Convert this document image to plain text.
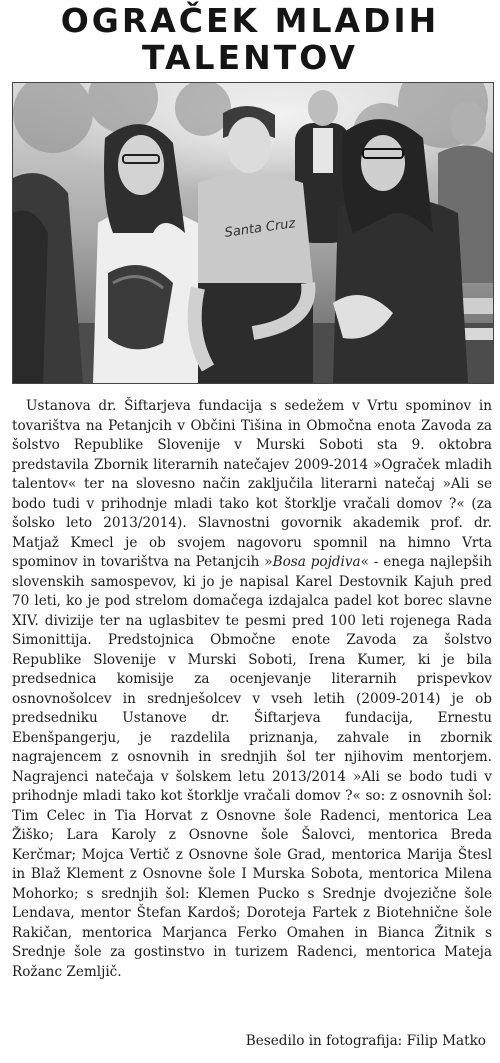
OGRAČEK MLADIH
TALENTOV
Santa Cruz

Ustanova dr. Šiftarjeva fundacija s sedežem v Vrtu spominov in tovarištva na Petanjcih v Občini Tišina in Območna enota Zavoda za šolstvo Republike Slovenije v Murski Soboti sta 9. oktobra predstavila Zbornik literarnih natečajev 2009-2014 »Ograček mladih talentov« ter na slovesno način zaključila literarni natečaj »Ali se bodo tudi v prihodnje mladi tako kot štorklje vračali domov ?« (za šolsko leto 2013/2014). Slavnostni govornik akademik prof. dr. Matjaž Kmecl je ob svojem nagovoru spomnil na himno Vrta spominov in tovarištva na Petanjcih »Bosa pojdiva« - enega najlepših slovenskih samospevov, ki jo je napisal Karel Destovnik Kajuh pred 70 leti, ko je pod strelom domačega izdajalca padel kot borec slavne XIV. divizije ter na uglasbitev te pesmi pred 100 leti rojenega Rada Simonittija. Predstojnica Območne enote Zavoda za šolstvo Republike Slovenije v Murski Soboti, Irena Kumer, ki je bila predsednica komisije za ocenjevanje literarnih prispevkov osnovnošolcev in srednješolcev v vseh letih (2009-2014) je ob predsedniku Ustanove dr. Šiftarjeva fundacija, Ernestu Ebenšpangerju, je razdelila priznanja, zahvale in zbornik nagrajencem z osnovnih in srednjih šol ter njihovim mentorjem. Nagrajenci natečaja v šolskem letu 2013/2014 »Ali se bodo tudi v prihodnje mladi tako kot štorklje vračali domov ?« so: z osnovnih šol: Tim Celec in Tia Horvat z Osnovne šole Radenci, mentorica Lea Žiško; Lara Karoly z Osnovne šole Šalovci, mentorica Breda Kerčmar; Mojca Vertič z Osnovne šole Grad, mentorica Marija Štesl in Blaž Klement z Osnovne šole I Murska Sobota, mentorica Milena Mohorko; s srednjih šol: Klemen Pucko s Srednje dvojezične šole Lendava, mentor Štefan Kardoš; Doroteja Fartek z Biotehnične šole Rakičan, mentorica Marjanca Ferko Omahen in Bianca Žitnik s Srednje šole za gostinstvo in turizem Radenci, mentorica Mateja Rožanc Zemljič.

Besedilo in fotografija: Filip Matko
